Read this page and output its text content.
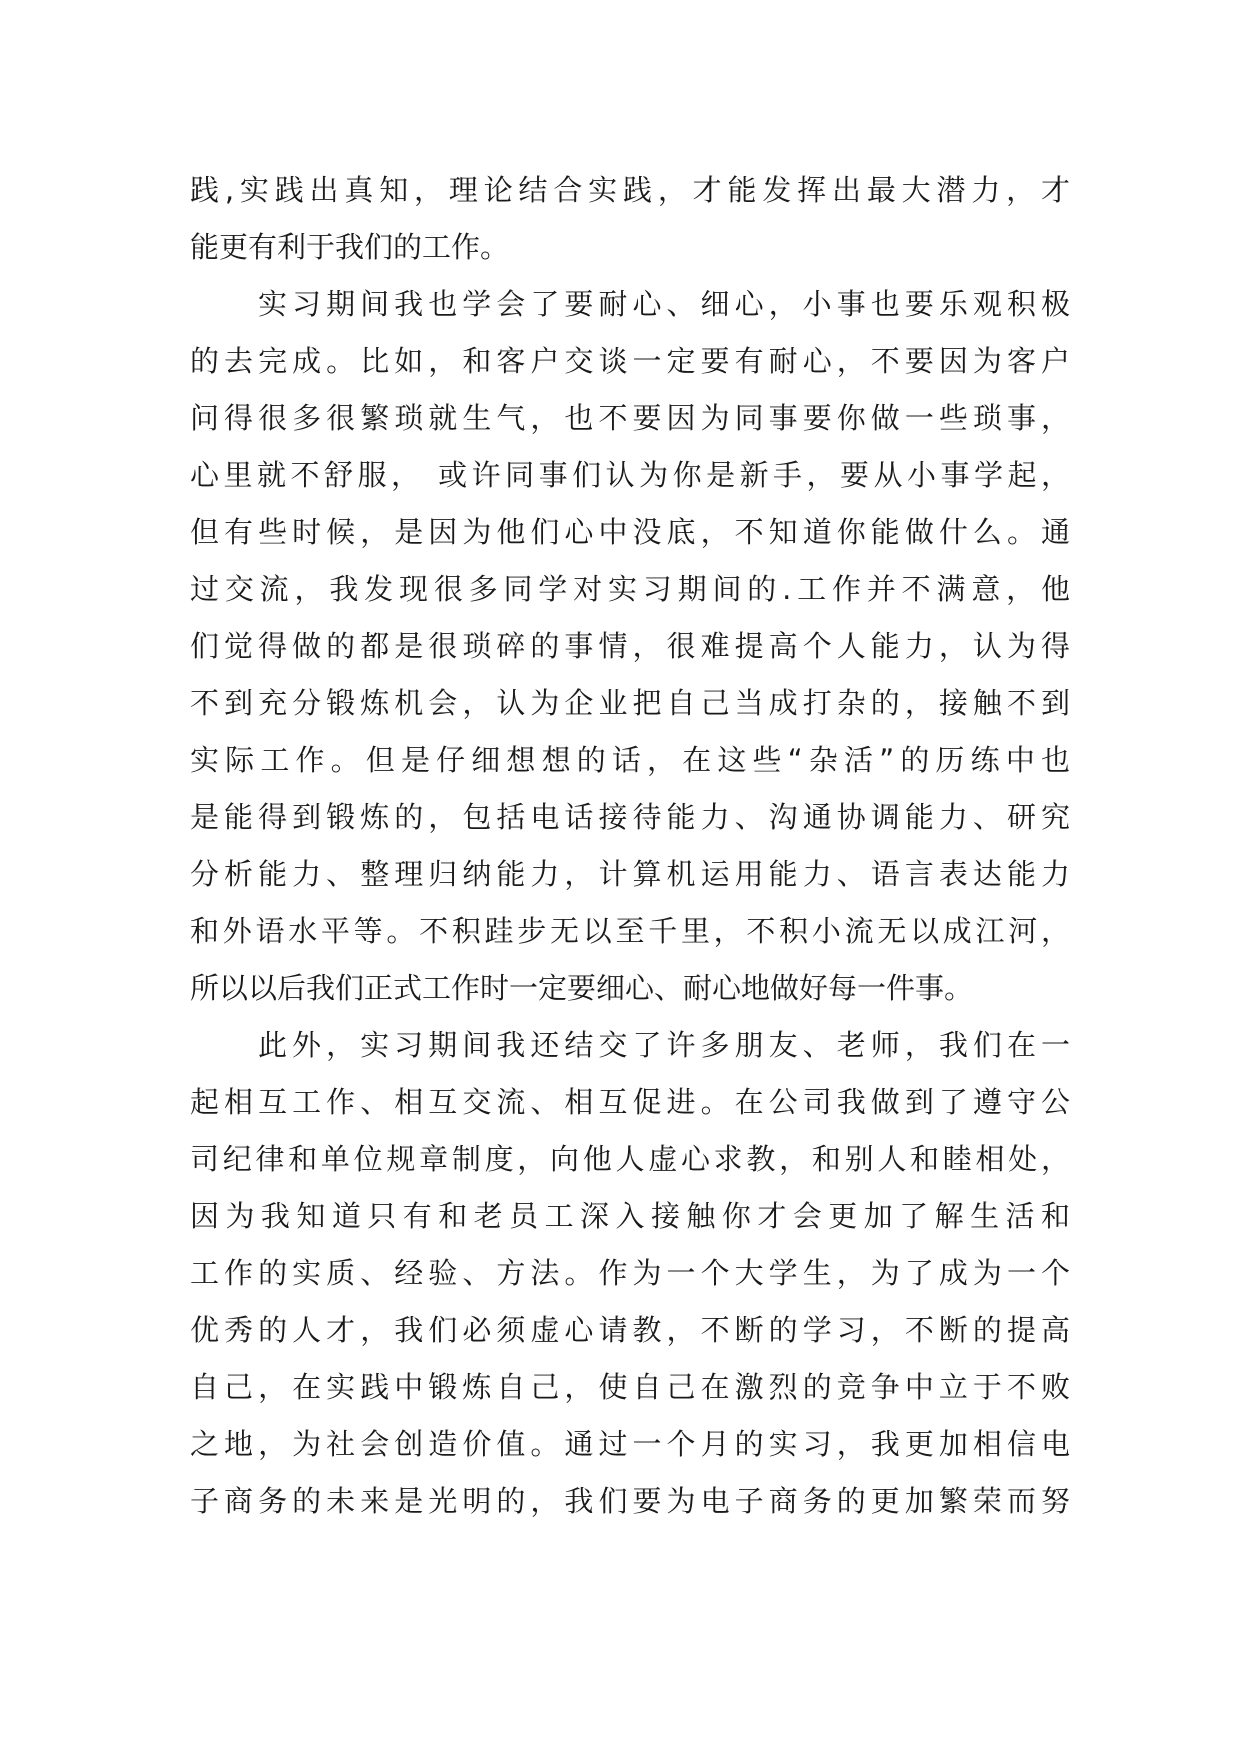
践,实践出真知，理论结合实践，才能发挥出最大潜力，才
能更有利于我们的工作。
实习期间我也学会了要耐心、细心，小事也要乐观积极
的去完成。比如，和客户交谈一定要有耐心，不要因为客户
问得很多很繁琐就生气，也不要因为同事要你做一些琐事，
心里就不舒服， 或许同事们认为你是新手，要从小事学起，
但有些时候，是因为他们心中没底，不知道你能做什么。通
过交流，我发现很多同学对实习期间的.工作并不满意，他
们觉得做的都是很琐碎的事情，很难提高个人能力，认为得
不到充分锻炼机会，认为企业把自己当成打杂的，接触不到
实际工作。但是仔细想想的话，在这些“杂活”的历练中也
是能得到锻炼的，包括电话接待能力、沟通协调能力、研究
分析能力、整理归纳能力，计算机运用能力、语言表达能力
和外语水平等。不积跬步无以至千里，不积小流无以成江河，
所以以后我们正式工作时一定要细心、耐心地做好每一件事。
此外，实习期间我还结交了许多朋友、老师，我们在一
起相互工作、相互交流、相互促进。在公司我做到了遵守公
司纪律和单位规章制度，向他人虚心求教，和别人和睦相处，
因为我知道只有和老员工深入接触你才会更加了解生活和
工作的实质、经验、方法。作为一个大学生，为了成为一个
优秀的人才，我们必须虚心请教，不断的学习，不断的提高
自己，在实践中锻炼自己，使自己在激烈的竞争中立于不败
之地，为社会创造价值。通过一个月的实习，我更加相信电
子商务的未来是光明的，我们要为电子商务的更加繁荣而努
